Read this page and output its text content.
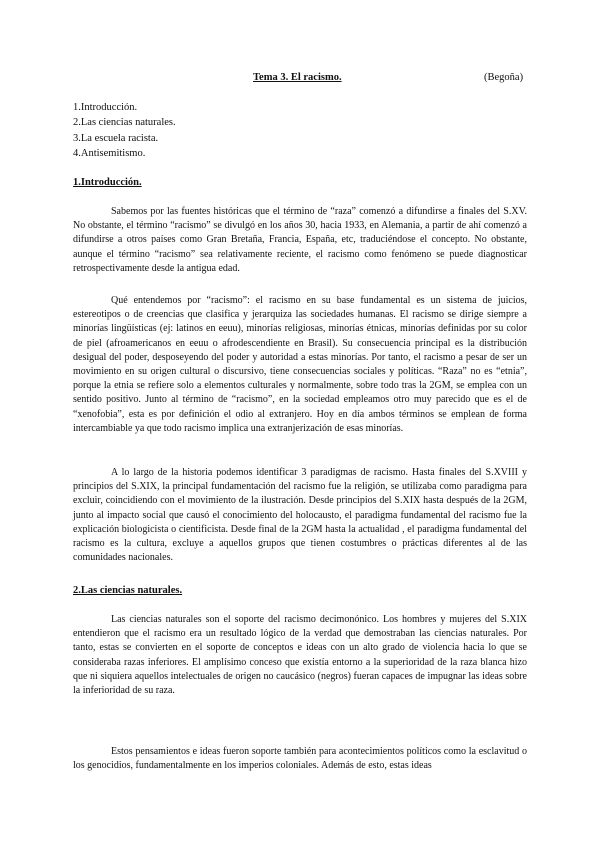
Tema 3. El racismo.	(Begoña)
1.Introducción.
2.Las ciencias naturales.
3.La escuela racista.
4.Antisemitismo.
1.Introducción.

Sabemos por las fuentes históricas que el término de “raza” comenzó a difundirse a finales del S.XV. No obstante, el término “racismo” se divulgó en los años 30, hacia 1933, en Alemania, a partir de ahí comenzó a difundirse a otros países como Gran Bretaña, Francia, España, etc, traduciéndose el concepto. No obstante, aunque el término “racismo” sea relativamente reciente, el racismo como fenómeno se puede diagnosticar retrospectivamente desde la antigua edad.

Qué entendemos por “racismo”: el racismo en su base fundamental es un sistema de juicios, estereotipos o de creencias que clasifica y jerarquiza las sociedades humanas. El racismo se dirige siempre a minorías lingüísticas (ej: latinos en eeuu), minorías religiosas, minorías étnicas, minorías definidas por su color de piel (afroamericanos en eeuu o afrodescendiente en Brasil). Su consecuencia principal es la distribución desigual del poder, desposeyendo del poder y autoridad a estas minorías. Por tanto, el racismo a pesar de ser un movimiento en su origen cultural o discursivo, tiene consecuencias sociales y políticas. “Raza” no es “etnia”, porque la etnia se refiere solo a elementos culturales y normalmente, sobre todo tras la 2GM, se emplea con un sentido positivo. Junto al término de “racismo”, en la sociedad empleamos otro muy parecido que es el de “xenofobia”, esta es por definición el odio al extranjero. Hoy en día ambos términos se emplean de forma intercambiable ya que todo racismo implica una extranjerización de esas minorías.

A lo largo de la historia podemos identificar 3 paradigmas de racismo. Hasta finales del S.XVIII y principios del S.XIX, la principal fundamentación del racismo fue la religión, se utilizaba como paradigma para excluir, coincidiendo con el movimiento de la ilustración. Desde principios del S.XIX hasta después de la 2GM, junto al impacto social que causó el conocimiento del holocausto, el paradigma fundamental del racismo fue la explicación biologicista o cientificista. Desde final de la 2GM hasta la actualidad , el paradigma fundamental del racismo es la cultura, excluye a aquellos grupos que tienen costumbres o prácticas diferentes al de las comunidades nacionales.

2.Las ciencias naturales.

Las ciencias naturales son el soporte del racismo decimonónico. Los hombres y mujeres del S.XIX entendieron que el racismo era un resultado lógico de la verdad que demostraban las ciencias naturales. Por tanto, estas se convierten en el soporte de conceptos e ideas con un alto grado de violencia hacia lo que se consideraba razas inferiores. El amplísimo conceso que existía entorno a la superioridad de la raza blanca hizo que ni siquiera aquellos intelectuales de origen no caucásico (negros) fueran capaces de impugnar las ideas sobre la inferioridad de su raza.

Estos pensamientos e ideas fueron soporte también para acontecimientos políticos como la esclavitud o los genocidios, fundamentalmente en los imperios coloniales. Además de esto, estas ideas
